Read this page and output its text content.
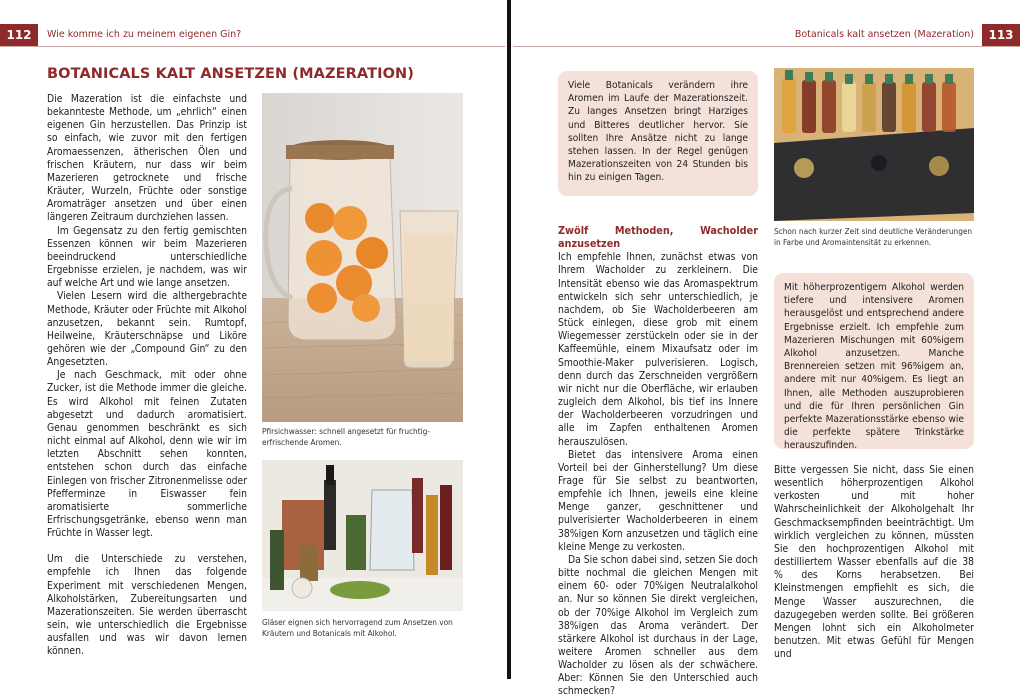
112	Wie komme ich zu meinem eigenen Gin?	Botanicals kalt ansetzen (Mazeration)	113
BOTANICALS KALT ANSETZEN (MAZERATION)

Die Mazeration ist die einfachste und bekannteste Methode, um „ehrlich“ einen eigenen Gin herzustellen. Das Prinzip ist so einfach, wie zuvor mit den fertigen Aromaessenzen, ätherischen Ölen und frischen Kräutern, nur dass wir beim Mazerieren getrocknete und frische Kräuter, Wurzeln, Früchte oder sonstige Aromaträger ansetzen und über einen längeren Zeitraum durchziehen lassen.

Im Gegensatz zu den fertig gemischten Essenzen können wir beim Mazerieren beeindruckend unterschiedliche Ergebnisse erzielen, je nachdem, was wir auf welche Art und wie lange ansetzen.

Vielen Lesern wird die althergebrachte Methode, Kräuter oder Früchte mit Alkohol anzusetzen, bekannt sein. Rumtopf, Heilweine, Kräuterschnäpse und Liköre gehören wie der „Compound Gin“ zu den Angesetzten.

Je nach Geschmack, mit oder ohne Zucker, ist die Methode immer die gleiche. Es wird Alkohol mit feinen Zutaten abgesetzt und dadurch aromatisiert. Genau genommen beschränkt es sich nicht einmal auf Alkohol, denn wie wir im letzten Abschnitt sehen konnten, entstehen schon durch das einfache Einlegen von frischer Zitronenmelisse oder Pfefferminze in Eiswasser fein aromatisierte sommerliche Erfrischungsgetränke, ebenso wenn man Früchte in Wasser legt.

Um die Unterschiede zu verstehen, empfehle ich Ihnen das folgende Experiment mit verschiedenen Mengen, Alkoholstärken, Zubereitungsarten und Mazerationszeiten. Sie werden überrascht sein, wie unterschiedlich die Ergebnisse ausfallen und was wir davon lernen können.

Pfirsichwasser: schnell angesetzt für fruchtig-erfrischende Aromen.
Gläser eignen sich hervorragend zum Ansetzen von Kräutern und Botanicals mit Alkohol.
Viele Botanicals verändern ihre Aromen im Laufe der Mazerationszeit. Zu langes Ansetzen bringt Harziges und Bitteres deutlicher hervor. Sie sollten Ihre Ansätze nicht zu lange stehen lassen. In der Regel genügen Mazerationszeiten von 24 Stunden bis hin zu einigen Tagen.
Zwölf Methoden, Wacholder anzusetzen

Ich empfehle Ihnen, zunächst etwas von Ihrem Wacholder zu zerkleinern. Die Intensität ebenso wie das Aromaspektrum entwickeln sich sehr unterschiedlich, je nachdem, ob Sie Wacholderbeeren am Stück einlegen, diese grob mit einem Wiegemesser zerstückeln oder sie in der Kaffeemühle, einem Mixaufsatz oder im Smoothie-Maker pulverisieren. Logisch, denn durch das Zerschneiden vergrößern wir nicht nur die Oberfläche, wir erlauben zugleich dem Alkohol, bis tief ins Innere der Wacholderbeeren vorzudringen und alle im Zapfen enthaltenen Aromen herauszulösen.

Bietet das intensivere Aroma einen Vorteil bei der Ginherstellung? Um diese Frage für Sie selbst zu beantworten, empfehle ich Ihnen, jeweils eine kleine Menge ganzer, geschnittener und pulverisierter Wacholderbeeren in einem 38%igen Korn anzusetzen und täglich eine kleine Menge zu verkosten.

Da Sie schon dabei sind, setzen Sie doch bitte nochmal die gleichen Mengen mit einem 60- oder 70%igen Neutralalkohol an. Nur so können Sie direkt vergleichen, ob der 70%ige Alkohol im Vergleich zum 38%igen das Aroma verändert. Der stärkere Alkohol ist durchaus in der Lage, weitere Aromen schneller aus dem Wacholder zu lösen als der schwächere. Aber: Können Sie den Unterschied auch schmecken?

Schon nach kurzer Zeit sind deutliche Veränderungen in Farbe und Aromaintensität zu erkennen.
Mit höherprozentigem Alkohol werden tiefere und intensivere Aromen herausgelöst und entsprechend andere Ergebnisse erzielt. Ich empfehle zum Mazerieren Mischungen mit 60%igem Alkohol anzusetzen. Manche Brennereien setzen mit 96%igem an, andere mit nur 40%igem. Es liegt an Ihnen, alle Methoden auszuprobieren und die für Ihren persönlichen Gin perfekte Mazerationsstärke ebenso wie die perfekte spätere Trinkstärke herauszufinden.

Bitte vergessen Sie nicht, dass Sie einen wesentlich höherprozentigen Alkohol verkosten und mit hoher Wahrscheinlichkeit der Alkoholgehalt Ihr Geschmacksempfinden beeinträchtigt. Um wirklich vergleichen zu können, müssten Sie den hochprozentigen Alkohol mit destilliertem Wasser ebenfalls auf die 38 % des Korns herabsetzen. Bei Kleinstmengen empfiehlt es sich, die Menge Wasser auszurechnen, die dazugegeben werden sollte. Bei größeren Mengen lohnt sich ein Alkoholmeter benutzen. Mit etwas Gefühl für Mengen und
